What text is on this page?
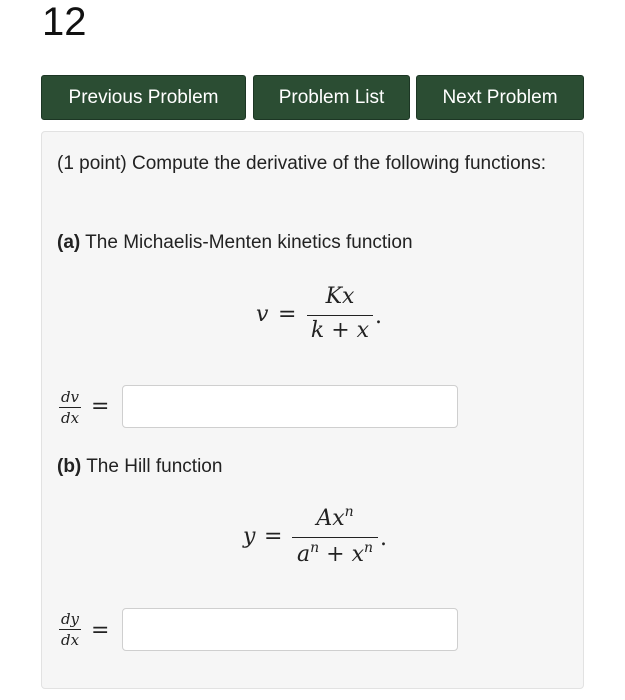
12
Previous Problem	Problem List	Next Problem
(1 point) Compute the derivative of the following functions:
(a) The Michaelis-Menten kinetics function
v =
Kx
k + x
.
dv
dx =
(b) The Hill function
y =
$Ax^n$
$a^n + x^n$ .
dy
dx =
